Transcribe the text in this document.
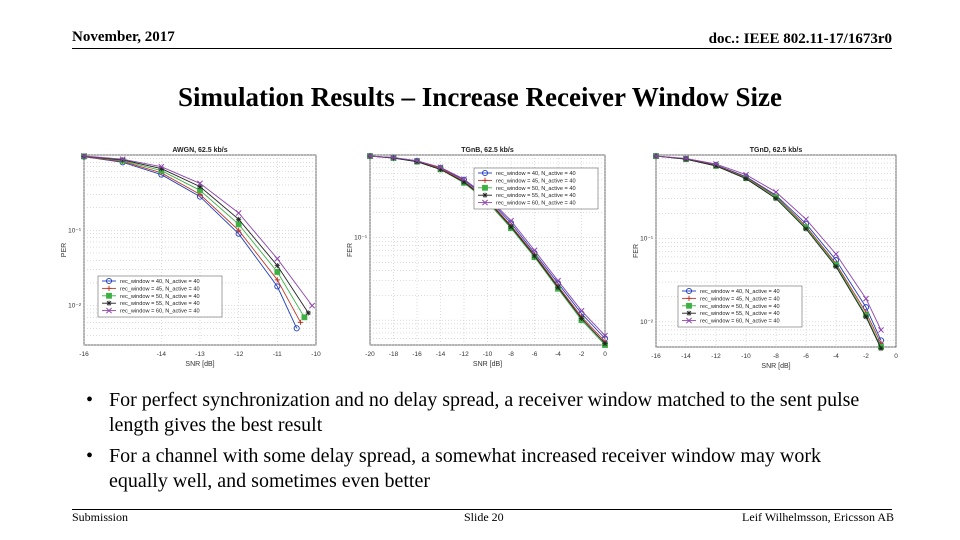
November, 2017	doc.: IEEE 802.11-17/1673r0
Simulation Results – Increase Receiver Window Size
-16	-14	-13	-12	-11	-10
10⁻¹
10⁻²
AWGN, 62.5 kb/s
SNR [dB]
PER
rec_window = 40, N_active = 40
rec_window = 45, N_active = 40
rec_window = 50, N_active = 40
rec_window = 55, N_active = 40
rec_window = 60, N_active = 40
-20 -18 -16 -14 -12 -10 -8	-6	-4	-2	0
10⁻¹
TGnB, 62.5 kb/s
SNR [dB]
FER
rec_window = 40, N_active = 40
rec_window = 45, N_active = 40
rec_window = 50, N_active = 40
rec_window = 55, N_active = 40
rec_window = 60, N_active = 40
-16	-14	-12	-10	-8	-6	-4	-2	0
10⁻¹
10⁻²
TGnD, 62.5 kb/s
SNR [dB]
FER
rec_window = 40, N_active = 40
rec_window = 45, N_active = 40
rec_window = 50, N_active = 40
rec_window = 55, N_active = 40
rec_window = 60, N_active = 40
• For perfect synchronization and no delay spread, a receiver window matched to the sent pulse length gives the best result
• For a channel with some delay spread, a somewhat increased receiver window may work equally well, and sometimes even better
Submission	Slide 20	Leif Wilhelmsson, Ericsson AB
